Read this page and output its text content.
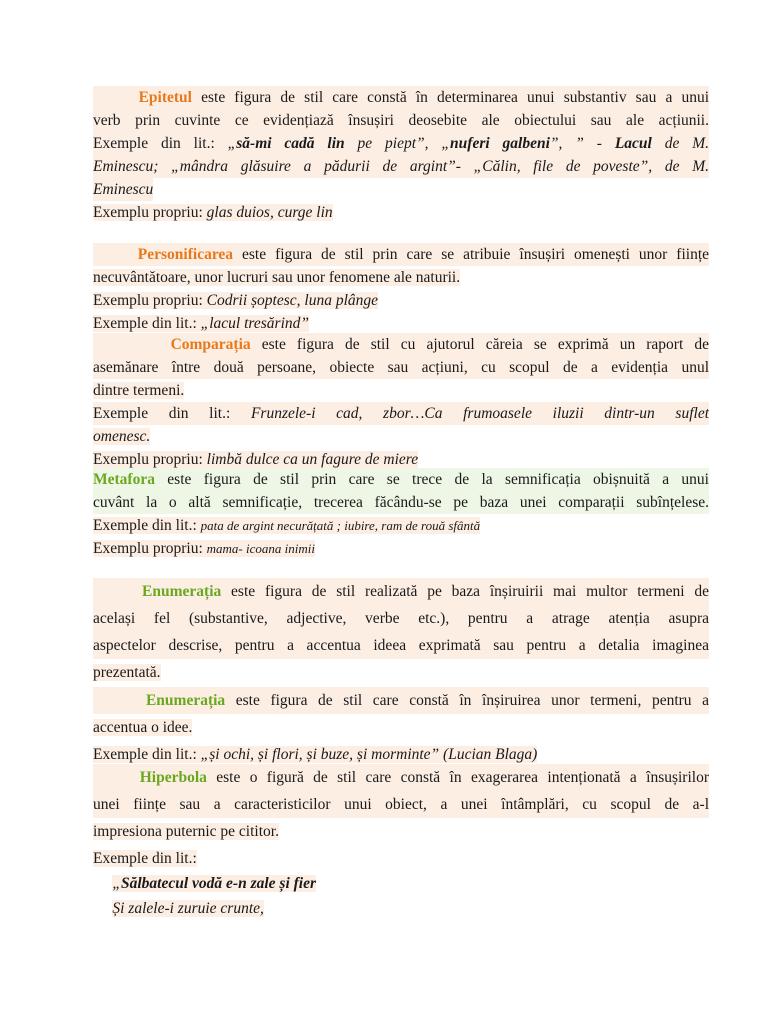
Epitetul este figura de stil care constă în determinarea unui substantiv sau a unui
verb prin cuvinte ce evidențiază însușiri deosebite ale obiectului sau ale acțiunii.
Exemple din lit.: „să-mi cadă lin pe piept”, „nuferi galbeni”, ” - Lacul de M.
Eminescu; „mândra glăsuire a pădurii de argint”- „Călin, file de poveste”, de M.
Eminescu
Exemplu propriu: glas duios, curge lin
Personificarea este figura de stil prin care se atribuie însușiri omenești unor ființe
necuvântătoare, unor lucruri sau unor fenomene ale naturii.
Exemplu propriu: Codrii șoptesc, luna plânge
Exemple din lit.: „lacul tresărind”
Comparația este figura de stil cu ajutorul căreia se exprimă un raport de
asemănare între două persoane, obiecte sau acțiuni, cu scopul de a evidenția unul
dintre termeni.
Exemple din lit.: Frunzele-i cad, zbor…Ca frumoasele iluzii dintr-un suflet
omenesc.
Exemplu propriu: limbă dulce ca un fagure de miere
Metafora este figura de stil prin care se trece de la semnificația obișnuită a unui
cuvânt la o altă semnificație, trecerea făcându-se pe baza unei comparații subînțelese.
Exemple din lit.: pata de argint necurățată ; iubire, ram de rouă sfântă
Exemplu propriu: mama- icoana inimii
Enumerația este figura de stil realizată pe baza înșiruirii mai multor termeni de
același fel (substantive, adjective, verbe etc.), pentru a atrage atenția asupra
aspectelor descrise, pentru a accentua ideea exprimată sau pentru a detalia imaginea
prezentată.
Enumerația este figura de stil care constă în înșiruirea unor termeni, pentru a
accentua o idee.
Exemple din lit.: „și ochi, și flori, și buze, și morminte” (Lucian Blaga)
Hiperbola este o figură de stil care constă în exagerarea intenționată a însușirilor
unei ființe sau a caracteristicilor unui obiect, a unei întâmplări, cu scopul de a-l
impresiona puternic pe cititor.
Exemple din lit.:
„Sălbatecul vodă e-n zale și fier
Și zalele-i zuruie crunte,
